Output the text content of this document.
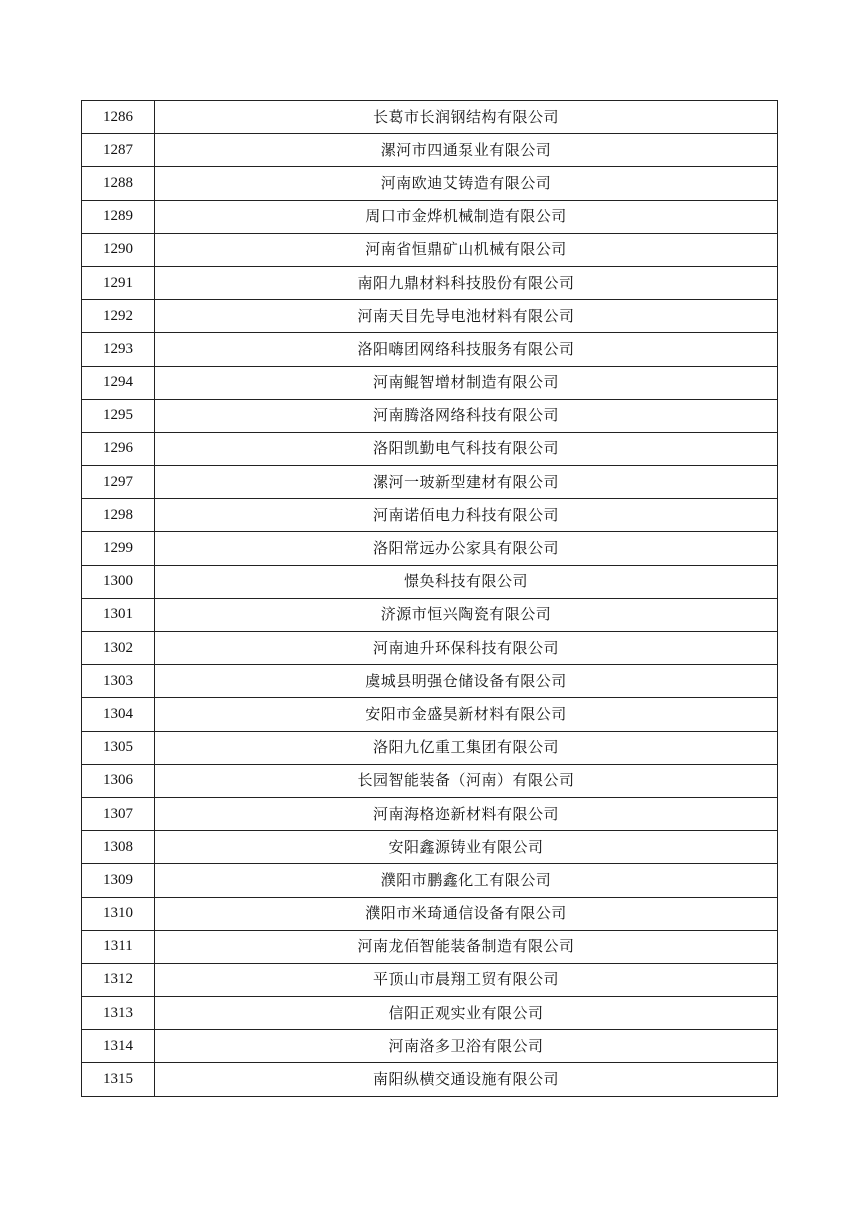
1286	长葛市长润钢结构有限公司
1287	漯河市四通泵业有限公司
1288	河南欧迪艾铸造有限公司
1289	周口市金烨机械制造有限公司
1290	河南省恒鼎矿山机械有限公司
1291	南阳九鼎材料科技股份有限公司
1292	河南天目先导电池材料有限公司
1293	洛阳嗨团网络科技服务有限公司
1294	河南鲲智增材制造有限公司
1295	河南腾洛网络科技有限公司
1296	洛阳凯勤电气科技有限公司
1297	漯河一玻新型建材有限公司
1298	河南诺佰电力科技有限公司
1299	洛阳常远办公家具有限公司
1300	憬奂科技有限公司
1301	济源市恒兴陶瓷有限公司
1302	河南迪升环保科技有限公司
1303	虞城县明强仓储设备有限公司
1304	安阳市金盛昊新材料有限公司
1305	洛阳九亿重工集团有限公司
1306	长园智能装备（河南）有限公司
1307	河南海格迩新材料有限公司
1308	安阳鑫源铸业有限公司
1309	濮阳市鹏鑫化工有限公司
1310	濮阳市米琦通信设备有限公司
1311	河南龙佰智能装备制造有限公司
1312	平顶山市晨翔工贸有限公司
1313	信阳正观实业有限公司
1314	河南洛多卫浴有限公司
1315	南阳纵横交通设施有限公司
